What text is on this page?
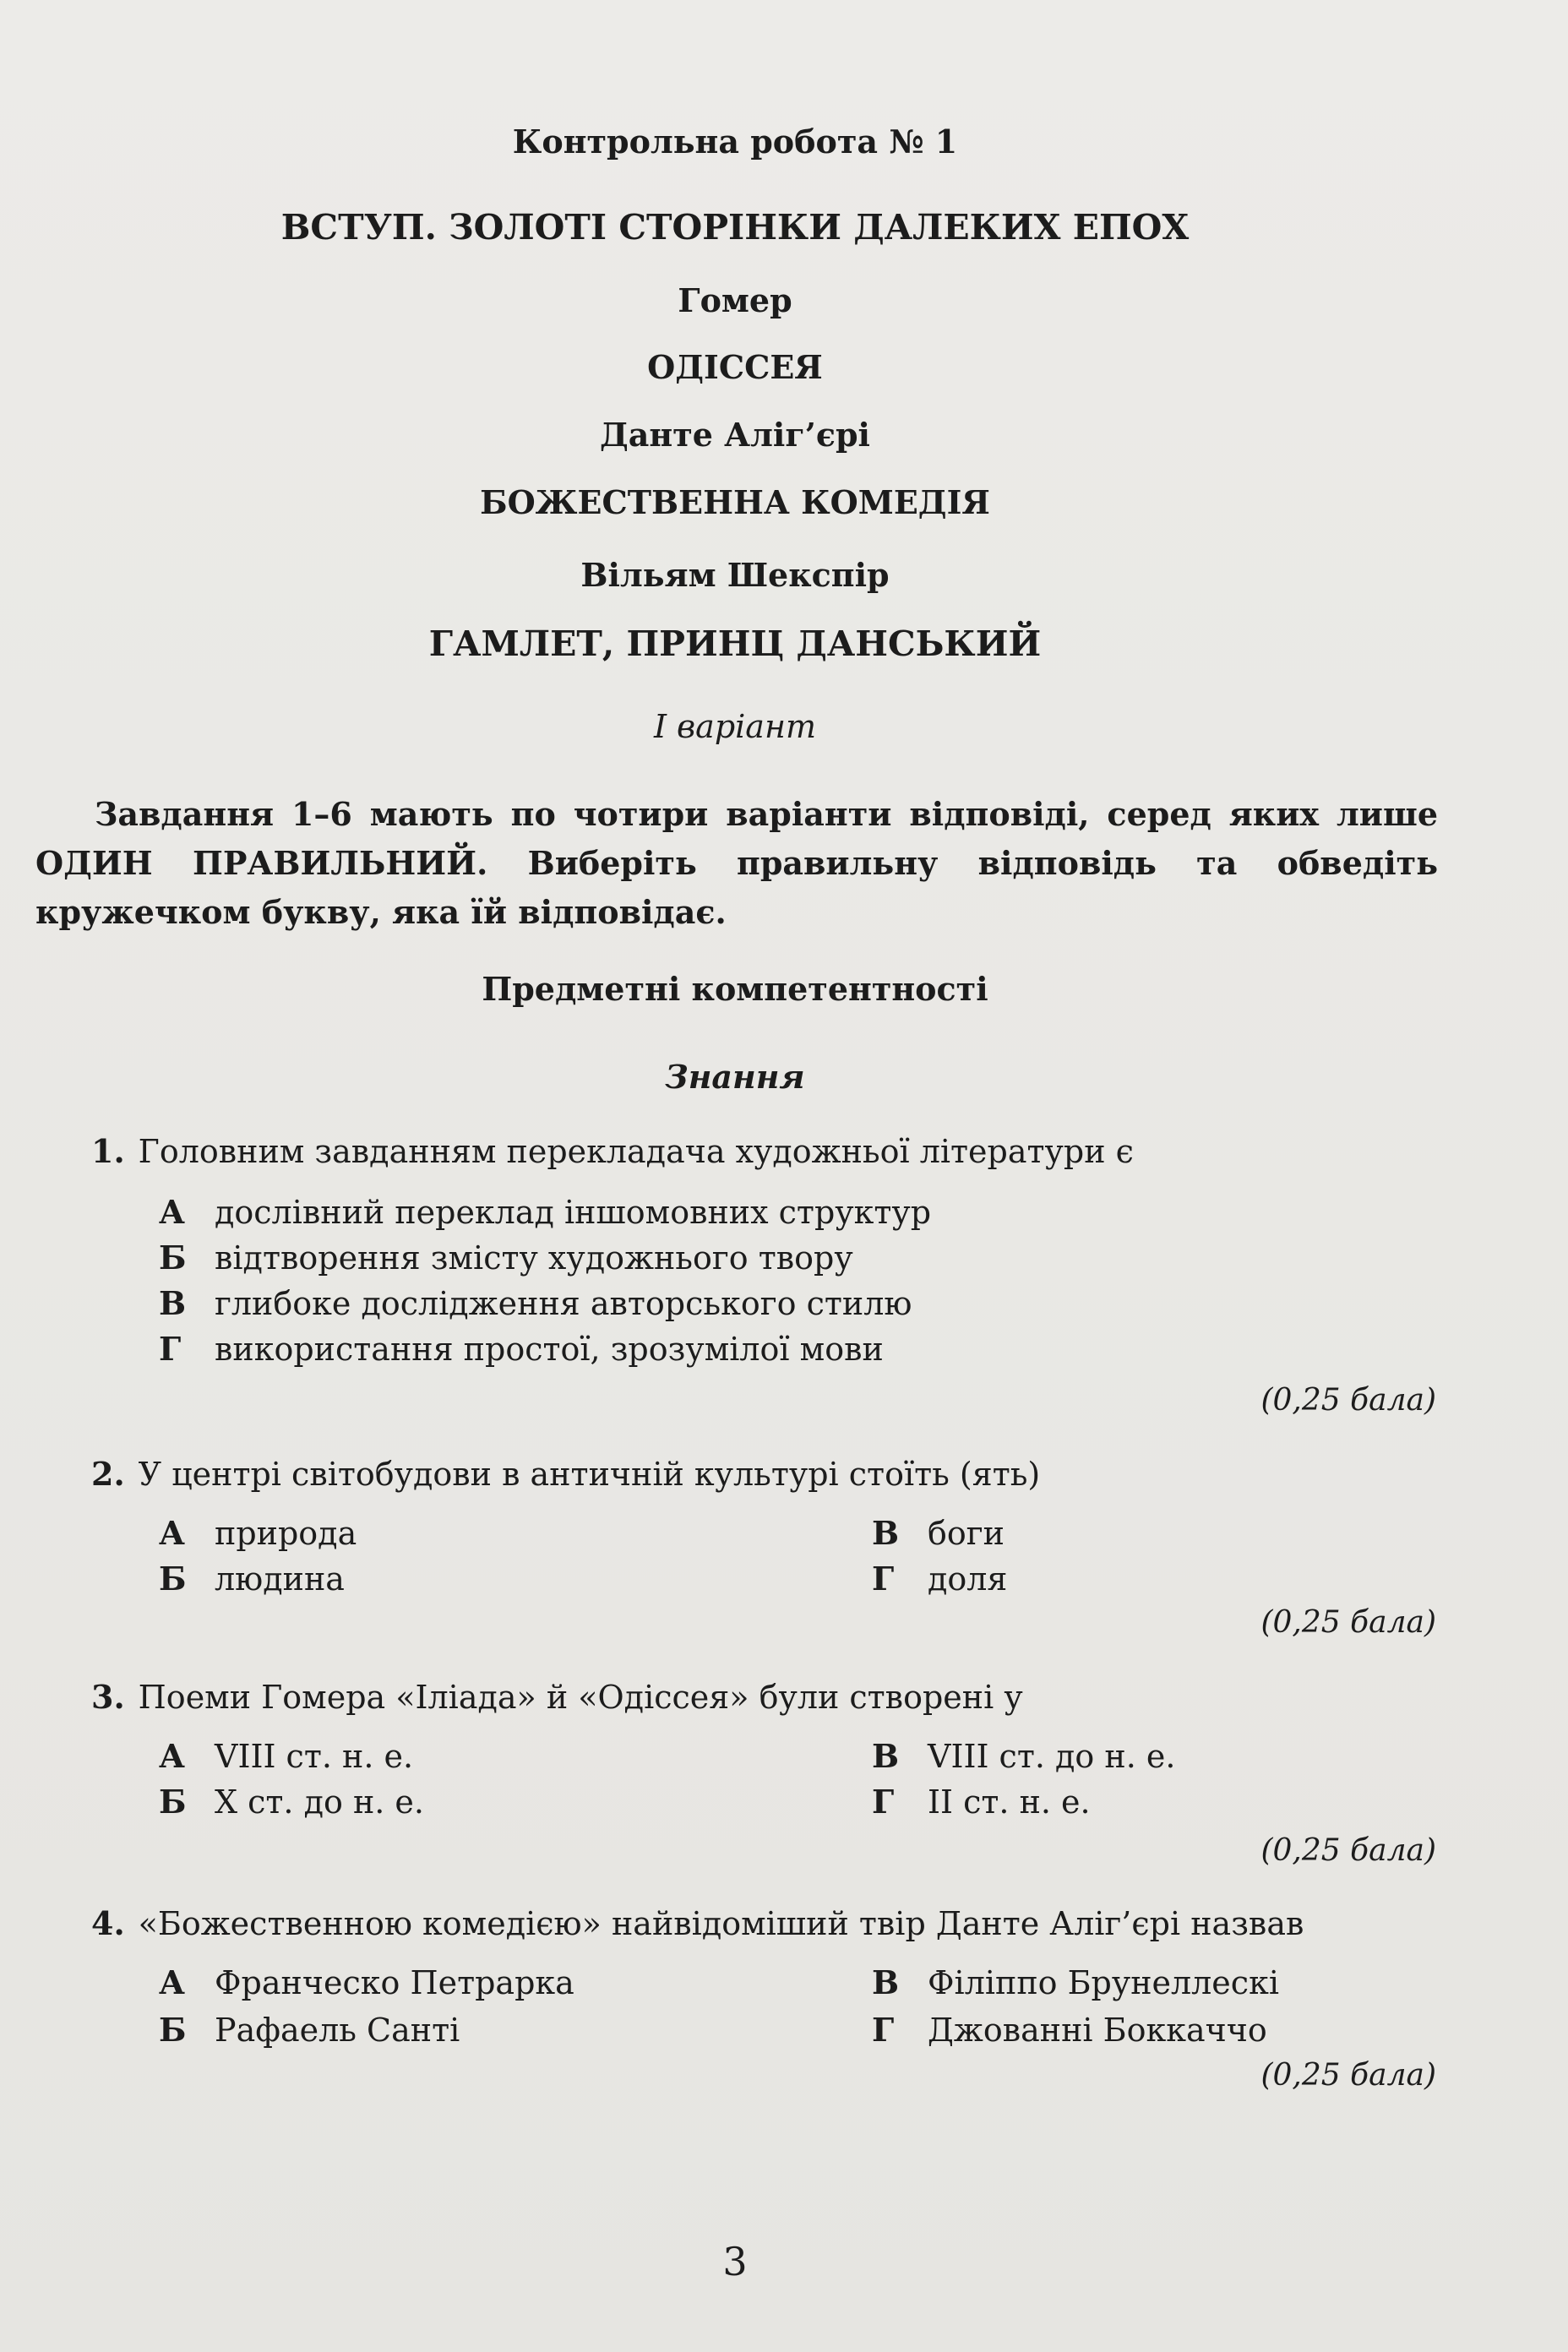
Контрольна робота № 1
ВСТУП. ЗОЛОТІ СТОРІНКИ ДАЛЕКИХ ЕПОХ
Гомер
ОДІССЕЯ
Данте Аліг’єрі
БОЖЕСТВЕННА КОМЕДІЯ
Вільям Шекспір
ГАМЛЕТ, ПРИНЦ ДАНСЬКИЙ
І варіант
Завдання 1–6 мають по чотири варіанти відповіді, серед яких лише ОДИН ПРАВИЛЬНИЙ. Виберіть правильну відповідь та обведіть кружечком букву, яка їй відповідає.
Предметні компетентності
Знання
1. Головним завданням перекладача художньої літератури є
А дослівний переклад іншомовних структур
Б відтворення змісту художнього твору
В глибоке дослідження авторського стилю
Г використання простої, зрозумілої мови
(0,25 бала)
2. У центрі світобудови в античній культурі стоїть (ять)
А природа
Б людина
В боги
Г доля
(0,25 бала)
3. Поеми Гомера «Іліада» й «Одіссея» були створені у
А VIII ст. н. е.
Б Х ст. до н. е.
В VIII ст. до н. е.
Г ІІ ст. н. е.
(0,25 бала)
4. «Божественною комедією» найвідоміший твір Данте Аліг’єрі назвав
А Франческо Петрарка
Б Рафаель Санті
В Філіппо Брунеллескі
Г Джованні Боккаччо
(0,25 бала)
3
